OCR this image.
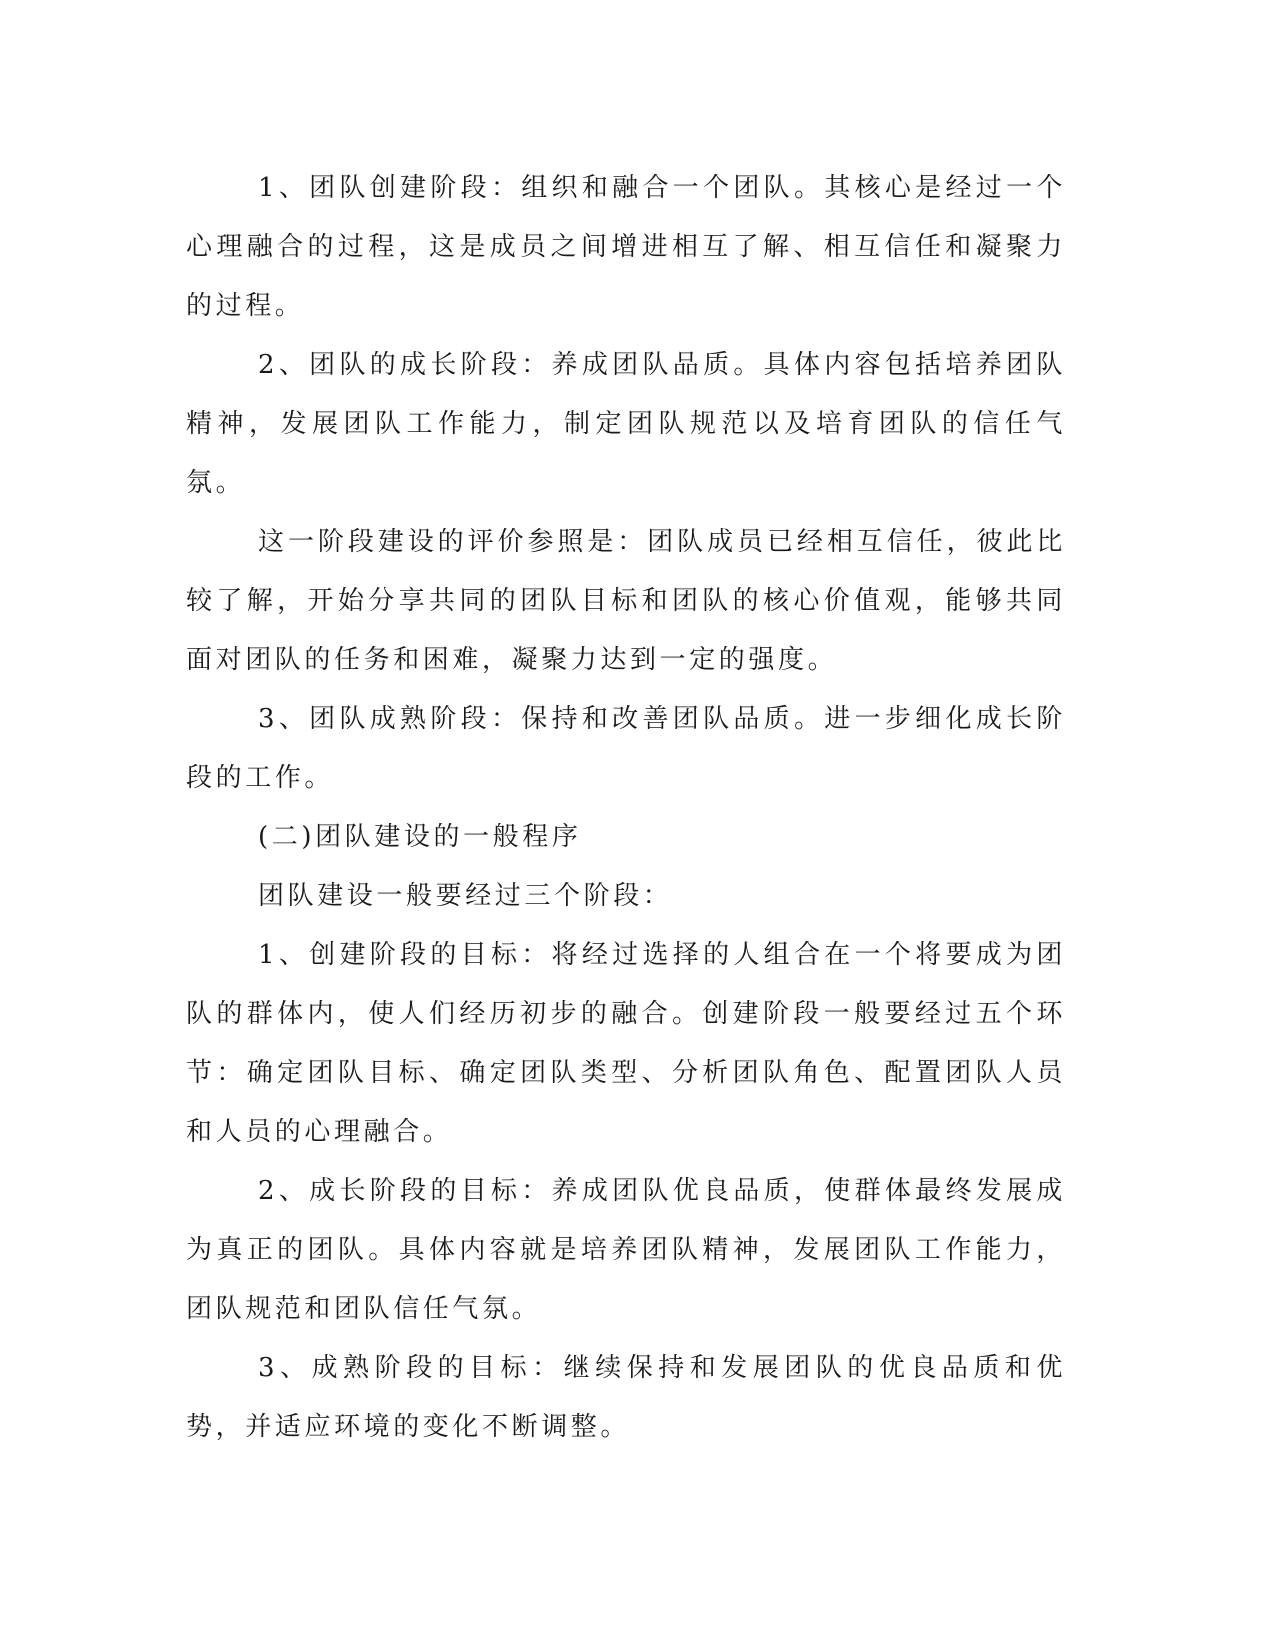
1、团队创建阶段：组织和融合一个团队。其核心是经过一个心理融合的过程，这是成员之间增进相互了解、相互信任和凝聚力的过程。

2、团队的成长阶段：养成团队品质。具体内容包括培养团队精神，发展团队工作能力，制定团队规范以及培育团队的信任气氛。

这一阶段建设的评价参照是：团队成员已经相互信任，彼此比较了解，开始分享共同的团队目标和团队的核心价值观，能够共同面对团队的任务和困难，凝聚力达到一定的强度。

3、团队成熟阶段：保持和改善团队品质。进一步细化成长阶段的工作。

(二)团队建设的一般程序

团队建设一般要经过三个阶段：

1、创建阶段的目标：将经过选择的人组合在一个将要成为团队的群体内，使人们经历初步的融合。创建阶段一般要经过五个环节：确定团队目标、确定团队类型、分析团队角色、配置团队人员和人员的心理融合。

2、成长阶段的目标：养成团队优良品质，使群体最终发展成为真正的团队。具体内容就是培养团队精神，发展团队工作能力，团队规范和团队信任气氛。

3、成熟阶段的目标：继续保持和发展团队的优良品质和优势，并适应环境的变化不断调整。
